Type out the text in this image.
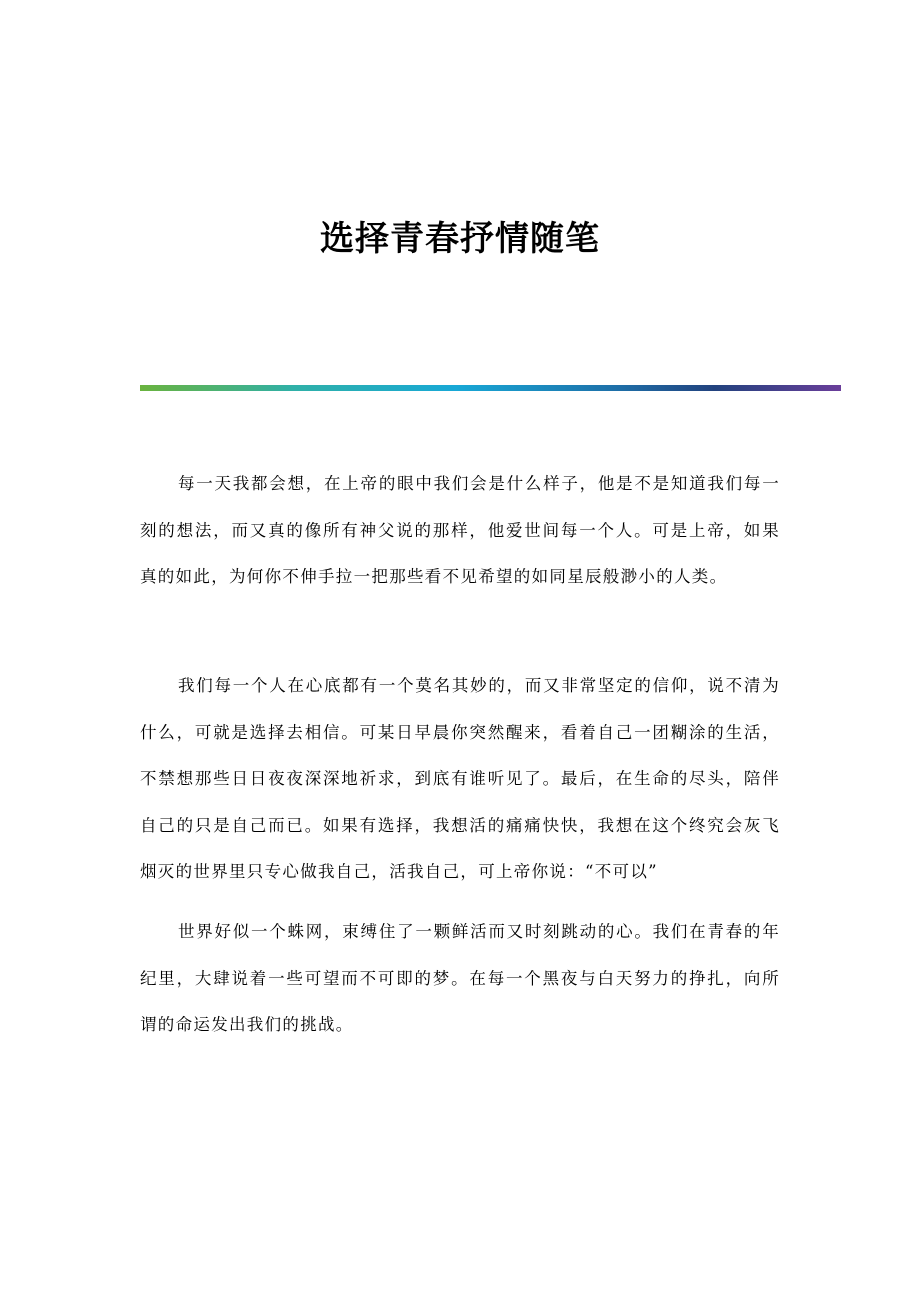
选择青春抒情随笔

每一天我都会想，在上帝的眼中我们会是什么样子，他是不是知道我们每一刻的想法，而又真的像所有神父说的那样，他爱世间每一个人。可是上帝，如果真的如此，为何你不伸手拉一把那些看不见希望的如同星辰般渺小的人类。

我们每一个人在心底都有一个莫名其妙的，而又非常坚定的信仰，说不清为什么，可就是选择去相信。可某日早晨你突然醒来，看着自己一团糊涂的生活，不禁想那些日日夜夜深深地祈求，到底有谁听见了。最后，在生命的尽头，陪伴自己的只是自己而已。如果有选择，我想活的痛痛快快，我想在这个终究会灰飞烟灭的世界里只专心做我自己，活我自己，可上帝你说：“不可以”

世界好似一个蛛网，束缚住了一颗鲜活而又时刻跳动的心。我们在青春的年纪里，大肆说着一些可望而不可即的梦。在每一个黑夜与白天努力的挣扎，向所谓的命运发出我们的挑战。
